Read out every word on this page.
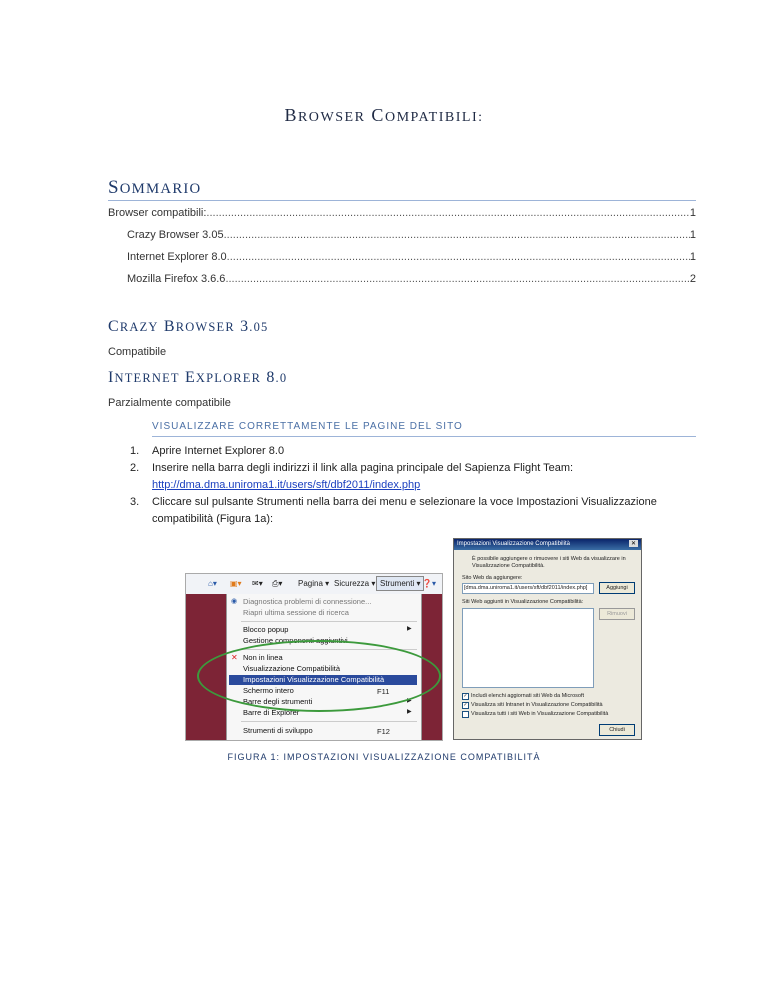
BROWSER COMPATIBILI:
SOMMARIO
Browser compatibili: .....	1
Crazy Browser 3.05 .....	1
Internet Explorer 8.0 .....	1
Mozilla Firefox 3.6.6 .....	2
CRAZY BROWSER 3.05
Compatibile
INTERNET EXPLORER 8.0
Parzialmente compatibile
VISUALIZZARE CORRETTAMENTE LE PAGINE DEL SITO
1.	Aprire Internet Explorer 8.0
2.	Inserire nella barra degli indirizzi il link alla pagina principale del Sapienza Flight Team:
http://dma.dma.uniroma1.it/users/sft/dbf2011/index.php
3.	Cliccare sul pulsante Strumenti nella barra dei menu e selezionare la voce Impostazioni Visualizzazione compatibilità (Figura 1a):
⌂▾ ▣▾ ✉▾ ⎙▾ Pagina ▾ Sicurezza ▾ Strumenti ▾ ❓▾
◉ Diagnostica problemi di connessione...
Riapri ultima sessione di ricerca
Blocco popup	▶
Gestione componenti aggiuntivi
✕ Non in linea
Visualizzazione Compatibilità
Impostazioni Visualizzazione Compatibilità
Schermo intero	F11
Barre degli strumenti	▶
Barre di Explorer	▶
Strumenti di sviluppo	F12
Impostazioni Visualizzazione Compatibilità	✕
È possibile aggiungere o rimuovere i siti Web da visualizzare in Visualizzazione Compatibilità.
Sito Web da aggiungere:
[dma.dma.uniroma1.it/users/sft/dbf2011/index.php]	Aggiungi
Siti Web aggiunti in Visualizzazione Compatibilità:
Rimuovi
✓ Includi elenchi aggiornati siti Web da Microsoft
✓ Visualizza siti Intranet in Visualizzazione Compatibilità
Visualizza tutti i siti Web in Visualizzazione Compatibilità
Chiudi
FIGURA 1: IMPOSTAZIONI VISUALIZZAZIONE COMPATIBILITÀ
